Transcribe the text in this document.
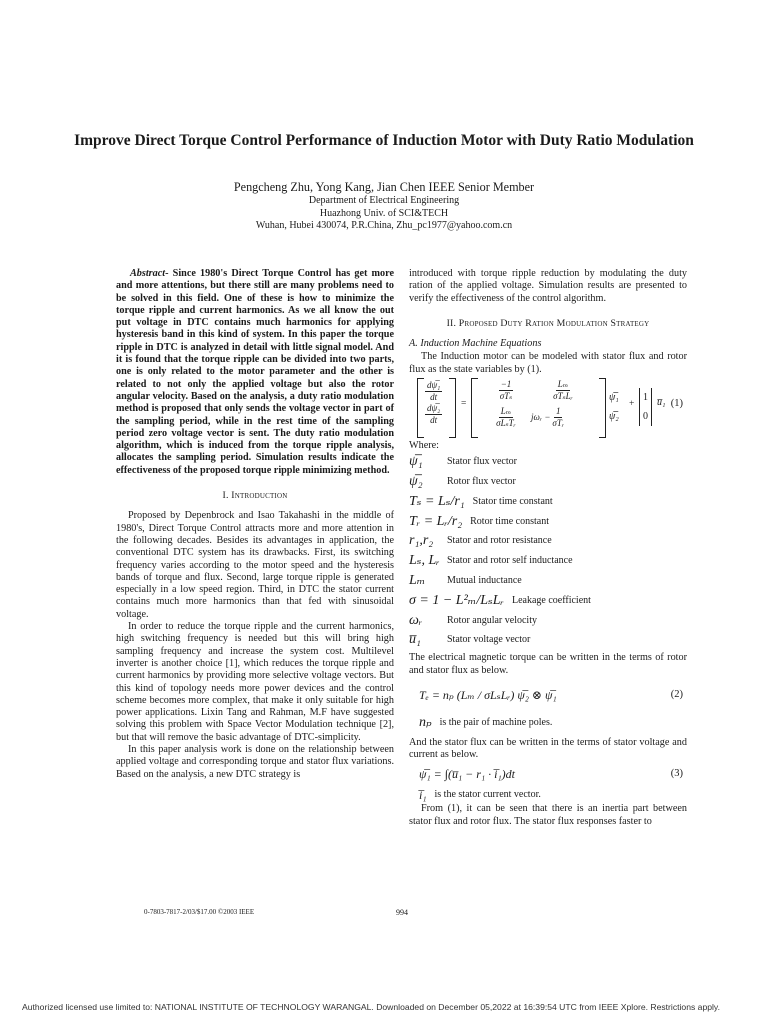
Improve Direct Torque Control Performance of Induction Motor with Duty Ratio Modulation
Pengcheng Zhu, Yong Kang, Jian Chen IEEE Senior Member
Department of Electrical Engineering
Huazhong Univ. of SCI&TECH
Wuhan, Hubei 430074, P.R.China, Zhu_pc1977@yahoo.com.cn

Abstract- Since 1980's Direct Torque Control has get more and more attentions, but there still are many problems need to be solved in this field. One of these is how to minimize the torque ripple and current harmonics. As we all know the out put voltage in DTC contains much harmonics for applying hysteresis band in this kind of system. In this paper the torque ripple in DTC is analyzed in detail with little signal model. And it is found that the torque ripple can be divided into two parts, one is only related to the motor parameter and the other is related to not only the applied voltage but also the rotor angular velocity. Based on the analysis, a duty ratio modulation method is proposed that only sends the voltage vector in part of the sampling period, while in the rest time of the sampling period zero voltage vector is sent. The duty ratio modulation algorithm, which is induced from the torque ripple analysis, allocates the sampling period. Simulation results indicate the effectiveness of the proposed torque ripple minimizing method.

I. Introduction

Proposed by Depenbrock and Isao Takahashi in the middle of 1980's, Direct Torque Control attracts more and more attention in the following decades. Besides its advantages in application, the conventional DTC system has its drawbacks. First, its switching frequency varies according to the motor speed and the hysteresis bands of torque and flux. Second, large torque ripple is generated especially in a low speed region. Third, in DTC the stator current contains much more harmonics than that fed with sinusoidal voltage.

In order to reduce the torque ripple and the current harmonics, high switching frequency is needed but this will bring high sampling frequency and increase the system cost. Multilevel inverter is another choice [1], which reduces the torque ripple and current harmonics by providing more selective voltage vectors. But this kind of topology needs more power devices and the control scheme becomes more complex, that make it only suitable for high power applications. Lixin Tang and Rahman, M.F have suggested solving this problem with Space Vector Modulation technique [2], but that will remove the basic advantage of DTC-simplicity.

In this paper analysis work is done on the relationship between applied voltage and corresponding torque and stator flux variations. Based on the analysis, a new DTC strategy is

introduced with torque ripple reduction by modulating the duty ration of the applied voltage. Simulation results are presented to verify the effectiveness of the control algorithm.

II. Proposed Duty Ration Modulation Strategy
A. Induction Machine Equations

The Induction motor can be modeled with stator flux and rotor flux as the state variables by (1).

$\frac{\text{dψ̅₁}}{dt}$

$\frac{\text{dψ̅₂}}{dt}$ =
$\frac{-1}{\text{σTₛ}} \frac{\text{Lₘ}}{\text{σTₛLᵣ}}$
$\frac{\text{Lₘ}}{\text{σLₛTᵣ}}$ jωᵣ − $\frac{1}{\text{σTᵣ}}$
ψ̅₁
ψ̅₂
+
1
0
u̅₁ (1)
Where:
ψ̅₁	Stator flux vector
ψ̅₂	Rotor flux vector
Tₛ = Lₛ/r₁ Stator time constant
Tᵣ = Lᵣ/r₂ Rotor time constant
r₁,r₂	Stator and rotor resistance
Lₛ, Lᵣ Stator and rotor self inductance
Lₘ	Mutual inductance
σ = 1 − L²ₘ/LₛLᵣ Leakage coefficient
ωᵣ	Rotor angular velocity
u̅₁	Stator voltage vector

The electrical magnetic torque can be written in the terms of rotor and stator flux as below.

Tₑ = nₚ (Lₘ / σLₛLᵣ) ψ̅₂ ⊗ ψ̅₁	(2)
nₚ is the pair of machine poles.

And the stator flux can be written in the terms of stator voltage and current as below.

ψ̅₁ = ∫(u̅₁ − r₁ · i̅₁)dt	(3)
i̅₁ is the stator current vector.

From (1), it can be seen that there is an inertia part between stator flux and rotor flux. The stator flux responses faster to

0-7803-7817-2/03/$17.00 ©2003 IEEE	994
Authorized licensed use limited to: NATIONAL INSTITUTE OF TECHNOLOGY WARANGAL. Downloaded on December 05,2022 at 16:39:54 UTC from IEEE Xplore. Restrictions apply.
